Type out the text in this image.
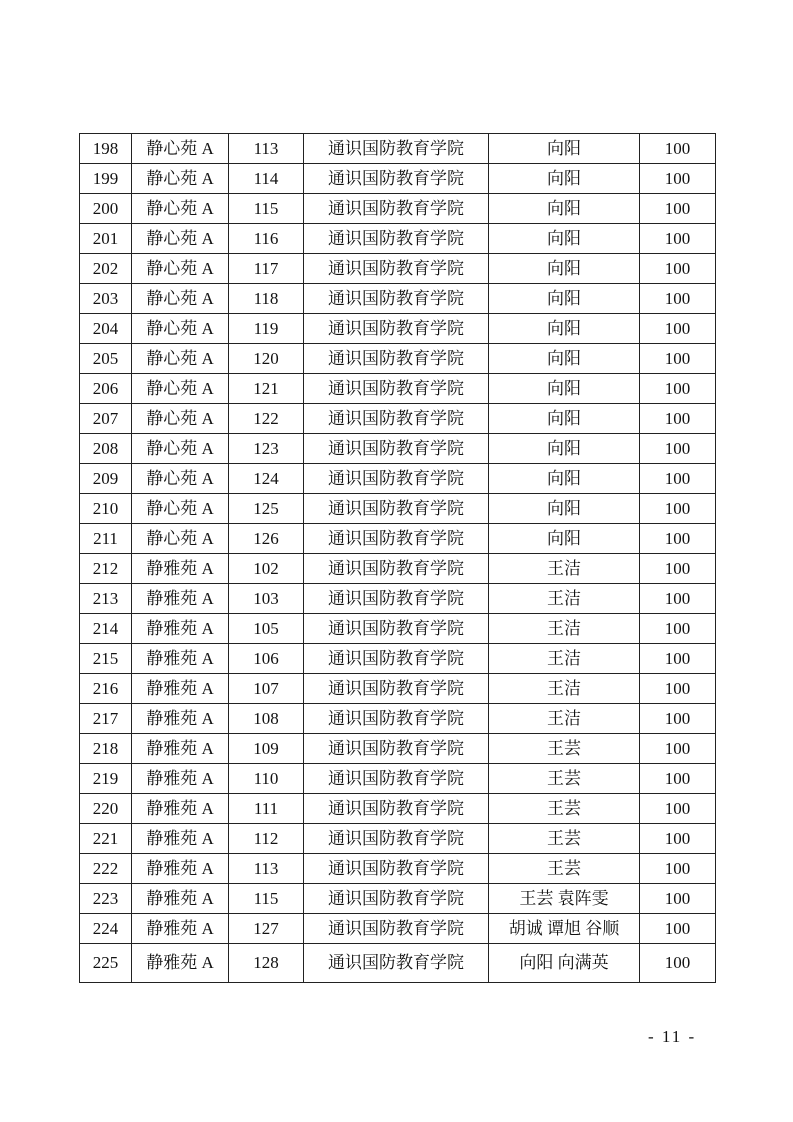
198	静心苑 A	113	通识国防教育学院	向阳	100
199	静心苑 A	114	通识国防教育学院	向阳	100
200	静心苑 A	115	通识国防教育学院	向阳	100
201	静心苑 A	116	通识国防教育学院	向阳	100
202	静心苑 A	117	通识国防教育学院	向阳	100
203	静心苑 A	118	通识国防教育学院	向阳	100
204	静心苑 A	119	通识国防教育学院	向阳	100
205	静心苑 A	120	通识国防教育学院	向阳	100
206	静心苑 A	121	通识国防教育学院	向阳	100
207	静心苑 A	122	通识国防教育学院	向阳	100
208	静心苑 A	123	通识国防教育学院	向阳	100
209	静心苑 A	124	通识国防教育学院	向阳	100
210	静心苑 A	125	通识国防教育学院	向阳	100
211	静心苑 A	126	通识国防教育学院	向阳	100
212	静雅苑 A	102	通识国防教育学院	王洁	100
213	静雅苑 A	103	通识国防教育学院	王洁	100
214	静雅苑 A	105	通识国防教育学院	王洁	100
215	静雅苑 A	106	通识国防教育学院	王洁	100
216	静雅苑 A	107	通识国防教育学院	王洁	100
217	静雅苑 A	108	通识国防教育学院	王洁	100
218	静雅苑 A	109	通识国防教育学院	王芸	100
219	静雅苑 A	110	通识国防教育学院	王芸	100
220	静雅苑 A	111	通识国防教育学院	王芸	100
221	静雅苑 A	112	通识国防教育学院	王芸	100
222	静雅苑 A	113	通识国防教育学院	王芸	100
223	静雅苑 A	115	通识国防教育学院	王芸 袁阵雯	100
224	静雅苑 A	127	通识国防教育学院	胡诚 谭旭 谷顺	100
225	静雅苑 A	128	通识国防教育学院	向阳 向满英	100
- 11 -
